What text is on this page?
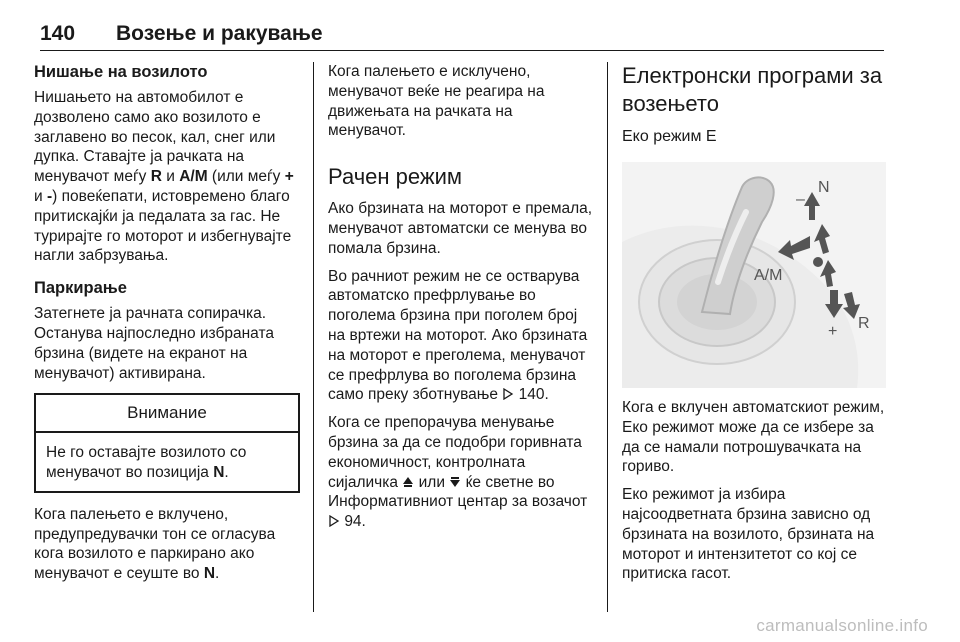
140 Возење и ракување
Нишање на возилото

Нишањето на автомобилот е дозволено само ако возилото е заглавено во песок, кал, снег или дупка. Ставајте ја рачката на менувачот меѓу R и A/M (или меѓу + и -) повеќепати, истовремено благо притискајќи ја педалата за гас. Не турирајте го моторот и избегнувајте нагли забрзувања.

Паркирање

Затегнете ја рачната сопирачка. Останува најпоследно избраната брзина (видете на екранот на менувачот) активирана.

Внимание
Не го оставајте возилото со менувачот во позиција N.

Кога палењето е вклучено, предупредувачки тон се огласува кога возилото е паркирано ако менувачот е сеуште во N.

Кога палењето е исклучено, менувачот веќе не реагира на движењата на рачката на менувачот.

Рачен режим

Ако брзината на моторот е премала, менувачот автоматски се менува во помала брзина.

Во рачниот режим не се остварува автоматско префрлување во поголема брзина при поголем број на вртежи на моторот. Ако брзината на моторот е преголема, менувачот се префрлува во поголема брзина само преку зботнување 140.

Кога се препорачува менување брзина за да се подобри горивната економичност, контролната сијаличка или ќе светне во Информативниот центар за возачот  94.

Електронски програми за возењето
Еко режим E
–
N
A/M
+ R

Кога е вклучен автоматскиот режим, Еко режимот може да се избере за да се намали потрошувачката на гориво.

Еко режимот ја избира најсоодветната брзина зависно од брзината на возилото, брзината на моторот и интензитетот со кој се притиска гасот.

carmanualsonline.info
